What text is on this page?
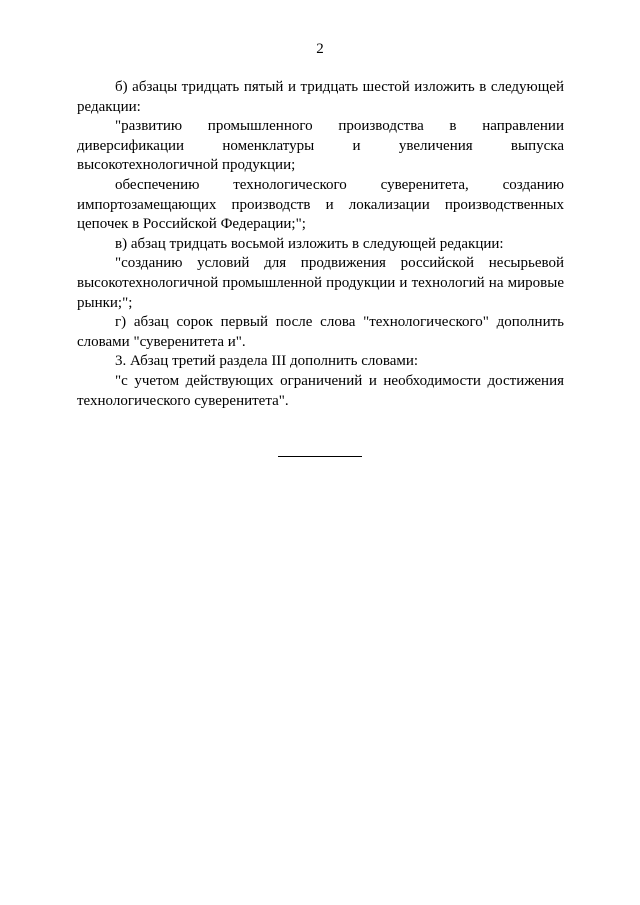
2

б) абзацы тридцать пятый и тридцать шестой изложить в следующей редакции:

"развитию промышленного производства в направлении диверсификации номенклатуры и увеличения выпуска высокотехнологичной продукции;

обеспечению технологического суверенитета, созданию импортозамещающих производств и локализации производственных цепочек в Российской Федерации;";

в) абзац тридцать восьмой изложить в следующей редакции:

"созданию условий для продвижения российской несырьевой высокотехнологичной промышленной продукции и технологий на мировые рынки;";

г) абзац сорок первый после слова "технологического" дополнить словами "суверенитета и".

3. Абзац третий раздела III дополнить словами:

"с учетом действующих ограничений и необходимости достижения технологического суверенитета".
